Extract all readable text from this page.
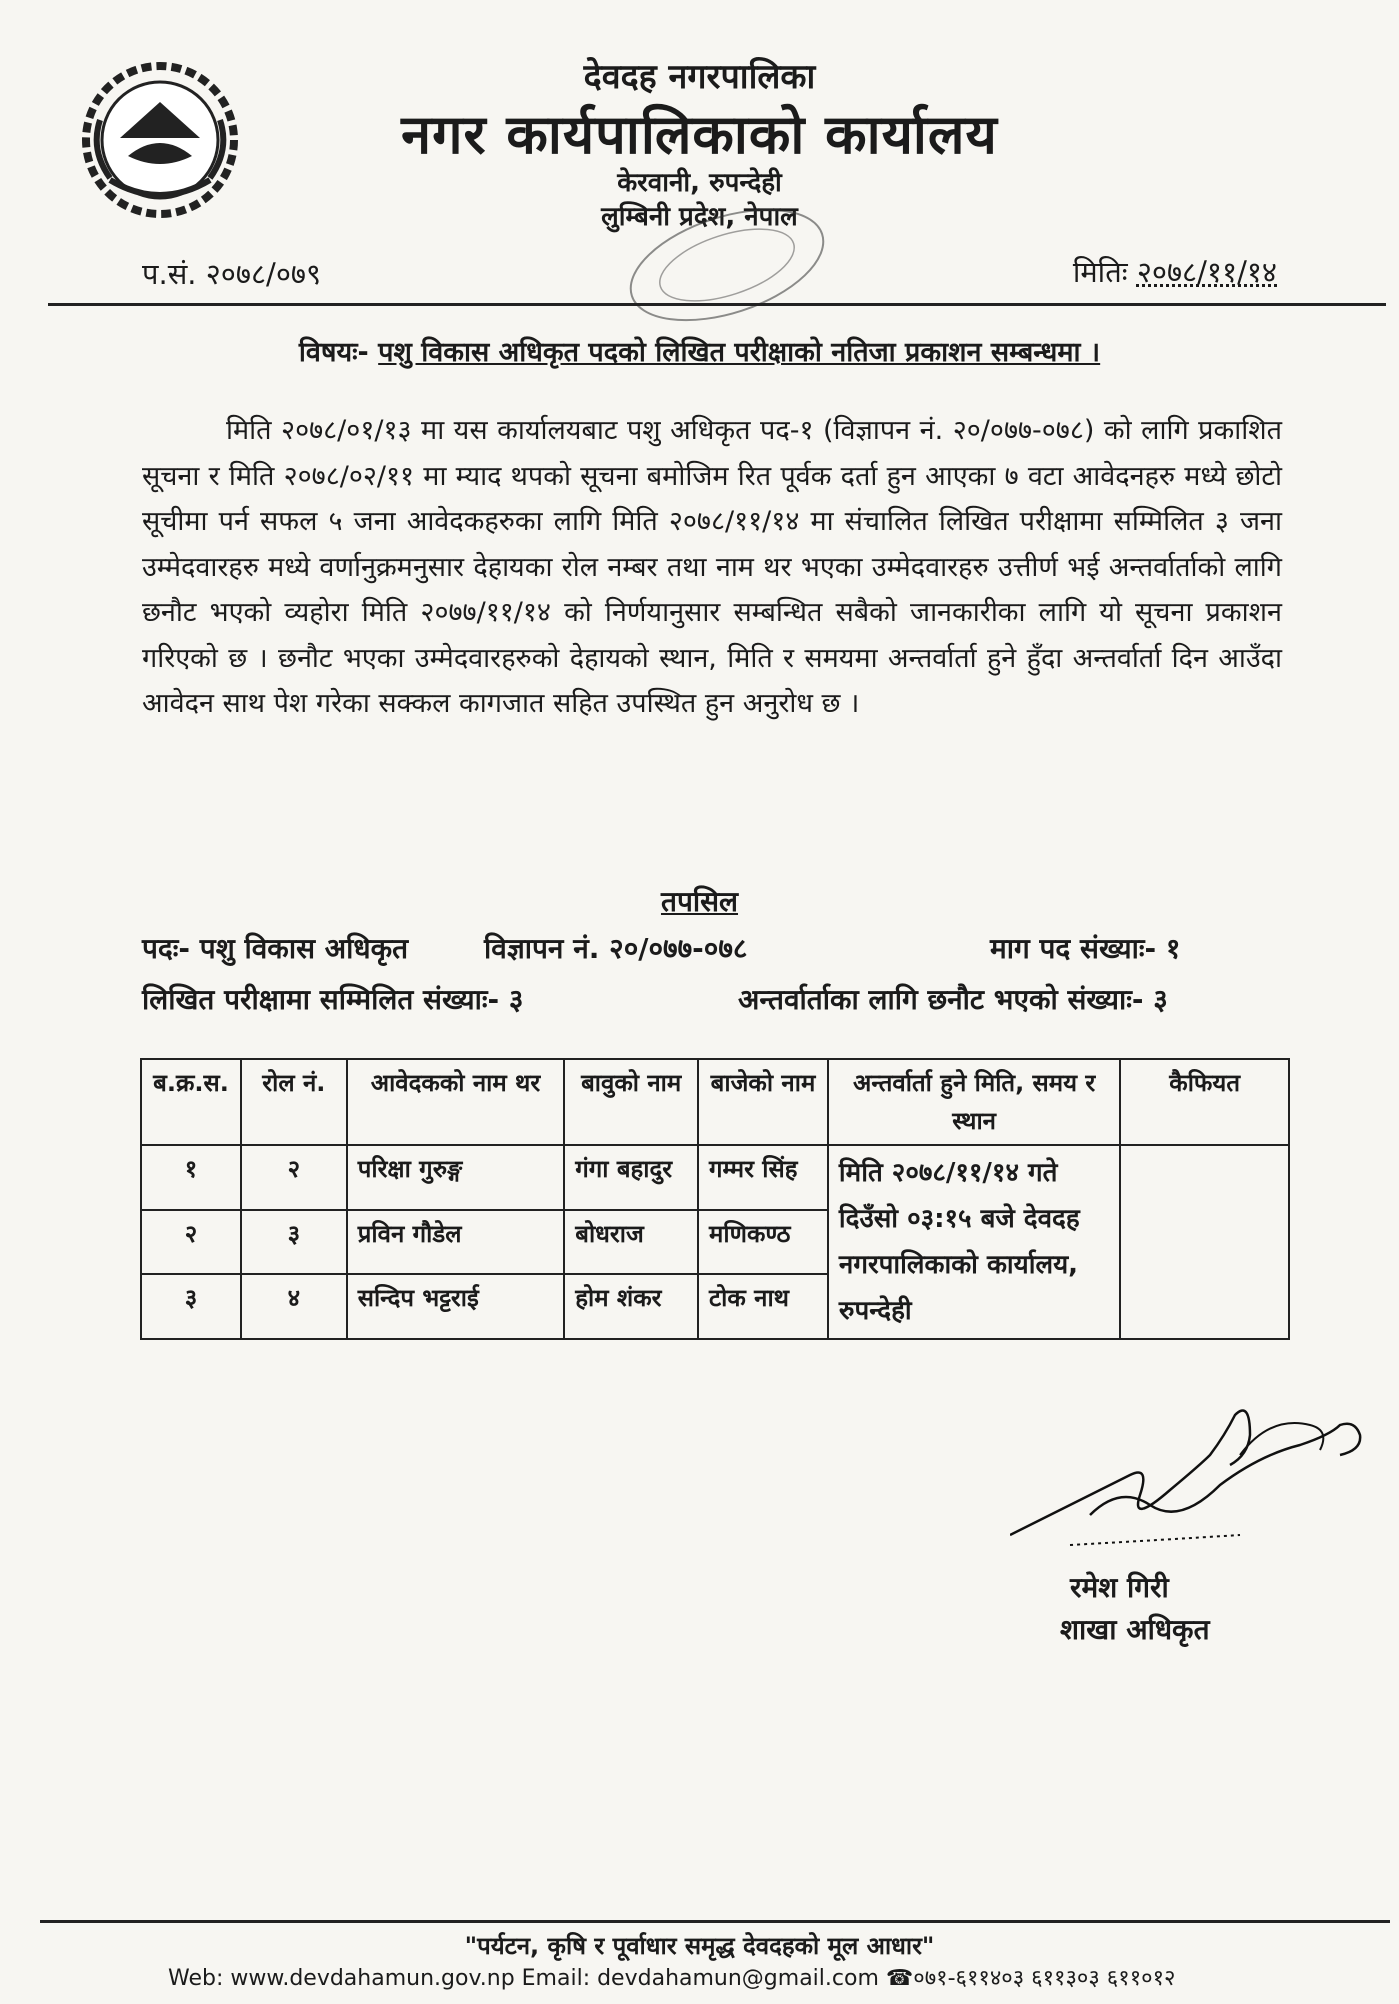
देवदह नगरपालिका
नगर कार्यपालिकाको कार्यालय
केरवानी, रुपन्देही
लुम्बिनी प्रदेश, नेपाल
प.सं. २०७८/०७९	मितिः २०७८/११/१४
विषयः- पशु विकास अधिकृत पदको लिखित परीक्षाको नतिजा प्रकाशन सम्बन्धमा ।
मिति २०७८/०१/१३ मा यस कार्यालयबाट पशु अधिकृत पद-१ (विज्ञापन नं. २०/०७७-०७८) को लागि प्रकाशित सूचना र मिति २०७८/०२/११ मा म्याद थपको सूचना बमोजिम रित पूर्वक दर्ता हुन आएका ७ वटा आवेदनहरु मध्ये छोटो सूचीमा पर्न सफल ५ जना आवेदकहरुका लागि मिति २०७८/११/१४ मा संचालित लिखित परीक्षामा सम्मिलित ३ जना उम्मेदवारहरु मध्ये वर्णानुक्रमनुसार देहायका रोल नम्बर तथा नाम थर भएका उम्मेदवारहरु उत्तीर्ण भई अन्तर्वार्ताको लागि छनौट भएको व्यहोरा मिति २०७७/११/१४ को निर्णयानुसार सम्बन्धित सबैको जानकारीका लागि यो सूचना प्रकाशन गरिएको छ । छनौट भएका उम्मेदवारहरुको देहायको स्थान, मिति र समयमा अन्तर्वार्ता हुने हुँदा अन्तर्वार्ता दिन आउँदा आवेदन साथ पेश गरेका सक्कल कागजात सहित उपस्थित हुन अनुरोध छ ।
तपसिल
पदः- पशु विकास अधिकृत	विज्ञापन नं. २०/०७७-०७८	माग पद संख्याः- १
लिखित परीक्षामा सम्मिलित संख्याः- ३	अन्तर्वार्ताका लागि छनौट भएको संख्याः- ३
ब.क्र.स.	रोल नं.	आवेदकको नाम थर	बावुको नाम	बाजेको नाम	अन्तर्वार्ता हुने मिति, समय र स्थान	कैफियत
१	२	परिक्षा गुरुङ्ग	गंगा बहादुर	गम्मर सिंह	मिति २०७८/११/१४ गते दिउँसो ०३:१५ बजे देवदह नगरपालिकाको कार्यालय, रुपन्देही	
२	३	प्रविन गौडेल	बोधराज	मणिकण्ठ		
३	४	सन्दिप भट्टराई	होम शंकर	टोक नाथ		
रमेश गिरी
शाखा अधिकृत
"पर्यटन, कृषि र पूर्वाधार समृद्ध देवदहको मूल आधार"
Web: www.devdahamun.gov.np Email: devdahamun@gmail.com ☎०७१-६११४०३ ६११३०३ ६११०१२
